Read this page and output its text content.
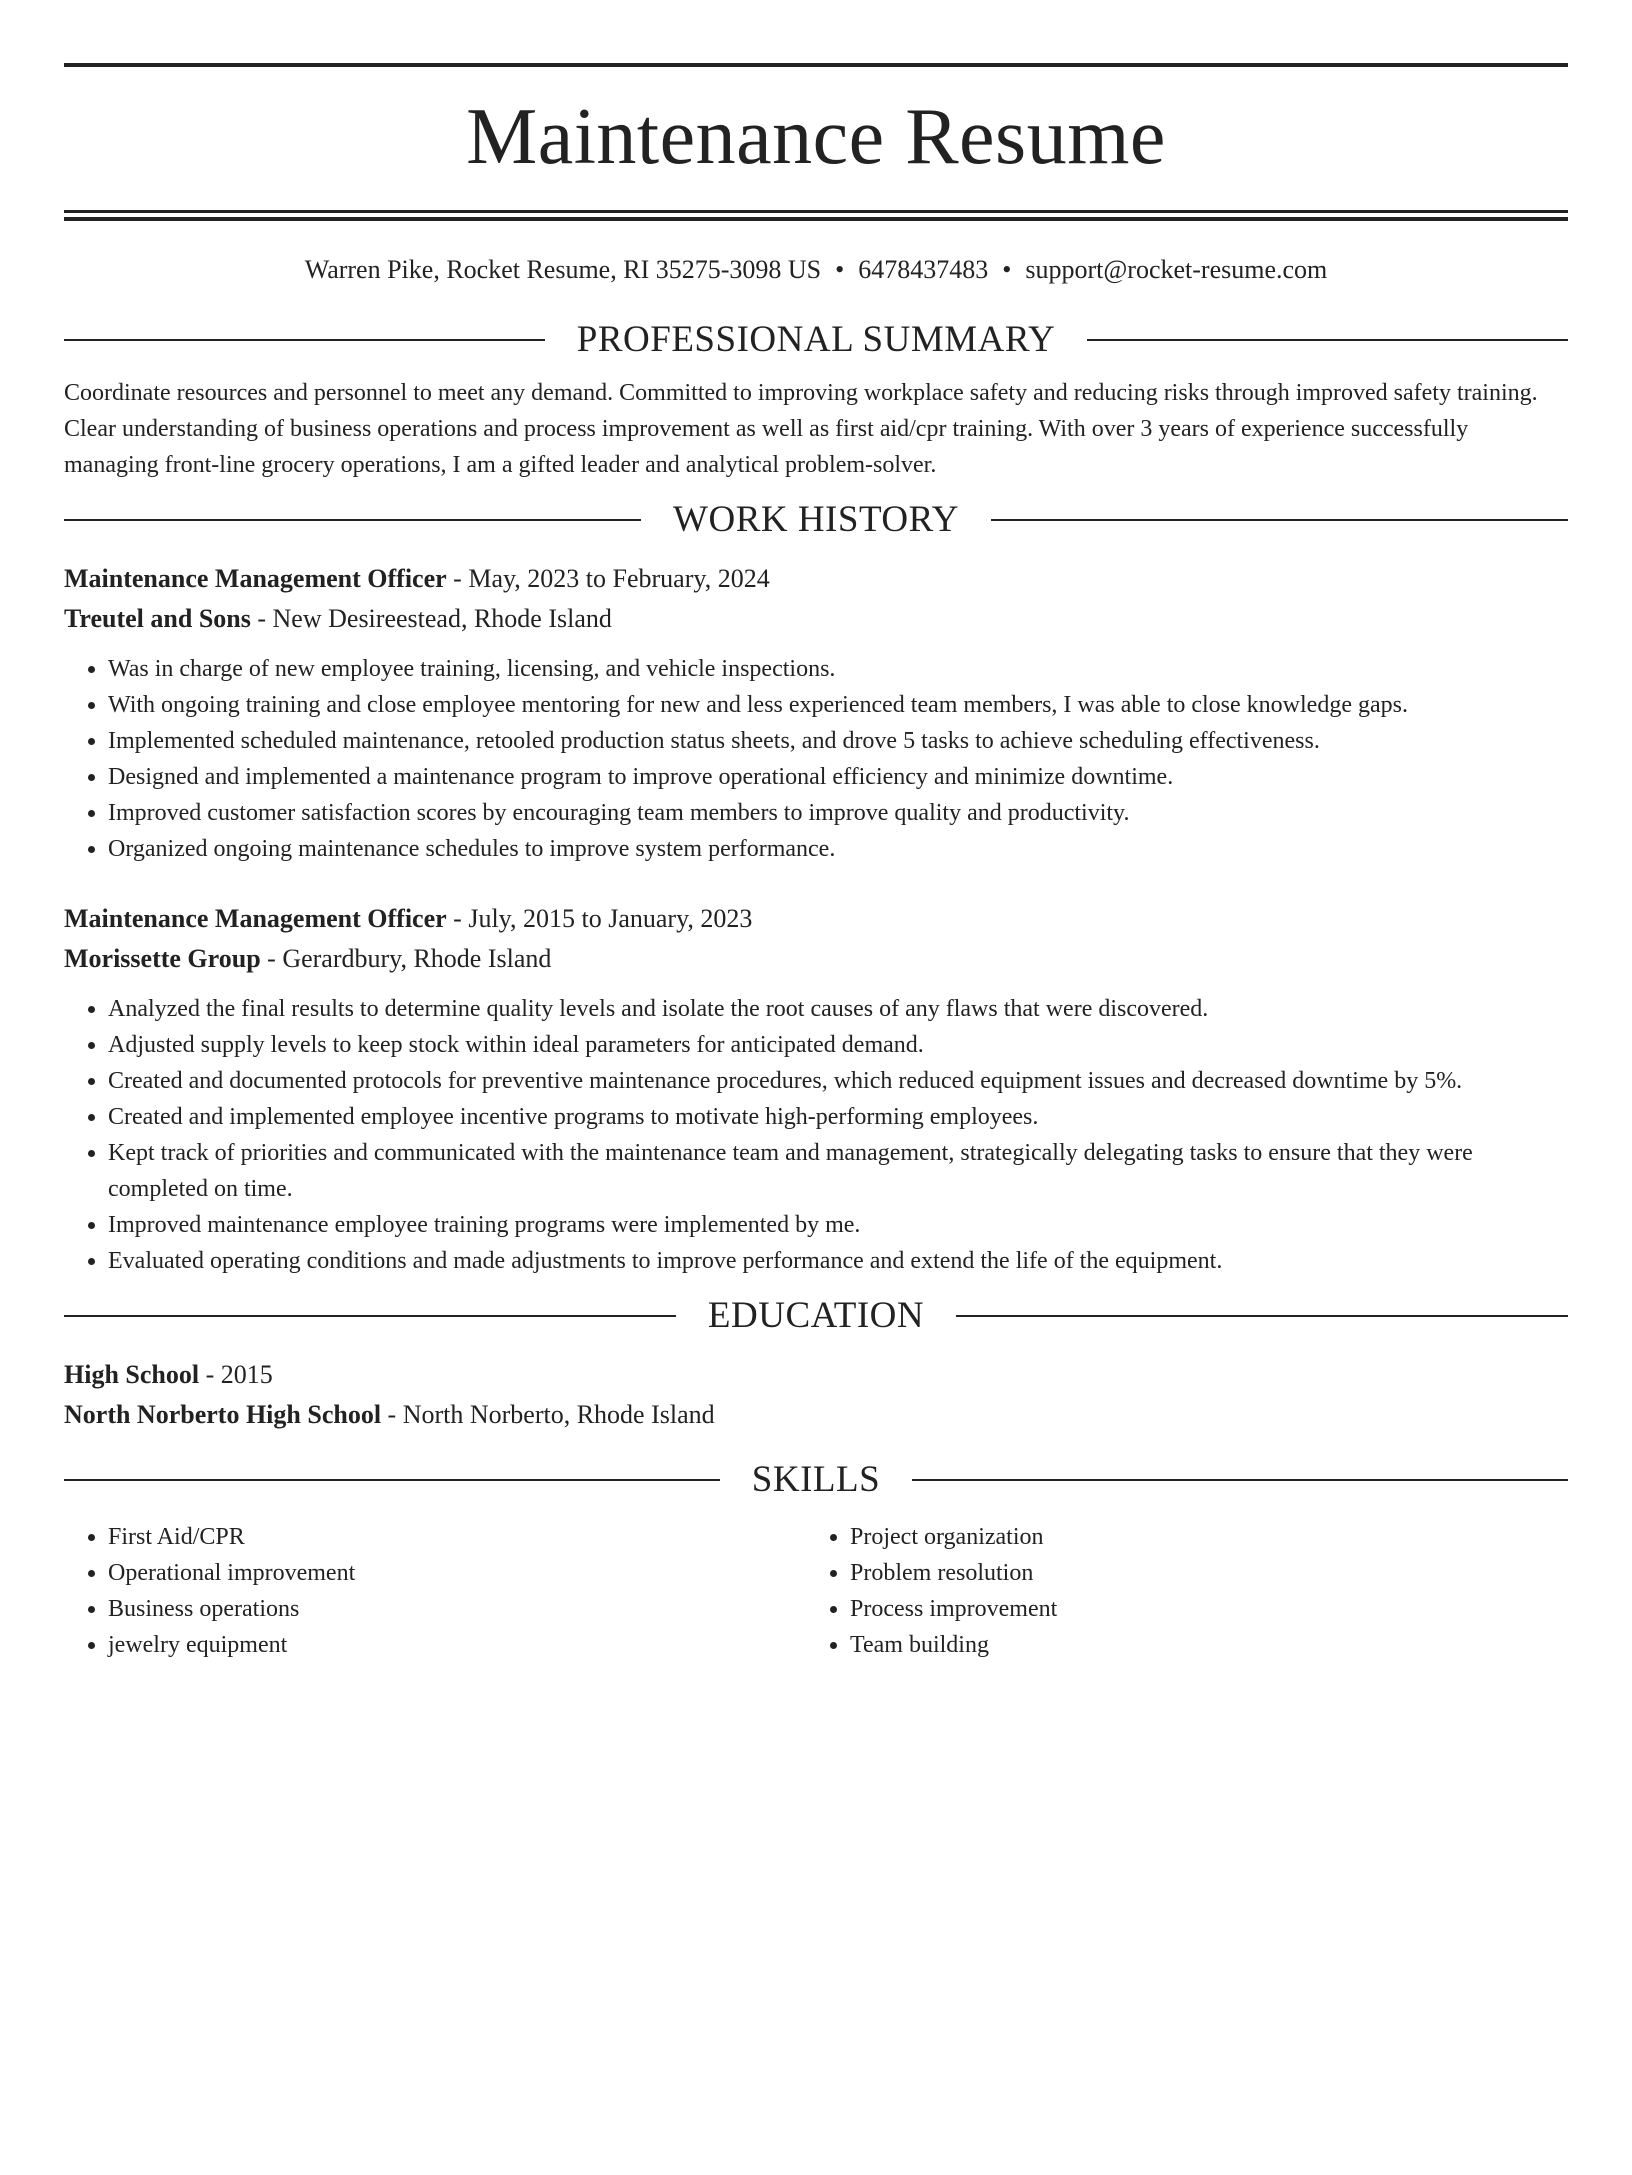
Maintenance Resume
Warren Pike, Rocket Resume, RI 35275-3098 US • 6478437483 • support@rocket-resume.com
PROFESSIONAL SUMMARY

Coordinate resources and personnel to meet any demand. Committed to improving workplace safety and reducing risks through improved safety training. Clear understanding of business operations and process improvement as well as first aid/cpr training. With over 3 years of experience successfully managing front-line grocery operations, I am a gifted leader and analytical problem-solver.

WORK HISTORY
Maintenance Management Officer - May, 2023 to February, 2024
Treutel and Sons - New Desireestead, Rhode Island
• Was in charge of new employee training, licensing, and vehicle inspections.
• With ongoing training and close employee mentoring for new and less experienced team members, I was able to close knowledge gaps.
• Implemented scheduled maintenance, retooled production status sheets, and drove 5 tasks to achieve scheduling effectiveness.
• Designed and implemented a maintenance program to improve operational efficiency and minimize downtime.
• Improved customer satisfaction scores by encouraging team members to improve quality and productivity.
• Organized ongoing maintenance schedules to improve system performance.
Maintenance Management Officer - July, 2015 to January, 2023
Morissette Group - Gerardbury, Rhode Island
• Analyzed the final results to determine quality levels and isolate the root causes of any flaws that were discovered.
• Adjusted supply levels to keep stock within ideal parameters for anticipated demand.
• Created and documented protocols for preventive maintenance procedures, which reduced equipment issues and decreased downtime by 5%.
• Created and implemented employee incentive programs to motivate high-performing employees.
• Kept track of priorities and communicated with the maintenance team and management, strategically delegating tasks to ensure that they were completed on time.
• Improved maintenance employee training programs were implemented by me.
• Evaluated operating conditions and made adjustments to improve performance and extend the life of the equipment.
EDUCATION
High School - 2015
North Norberto High School - North Norberto, Rhode Island
SKILLS
• First Aid/CPR
• Operational improvement
• Business operations
• jewelry equipment
• Project organization
• Problem resolution
• Process improvement
• Team building
